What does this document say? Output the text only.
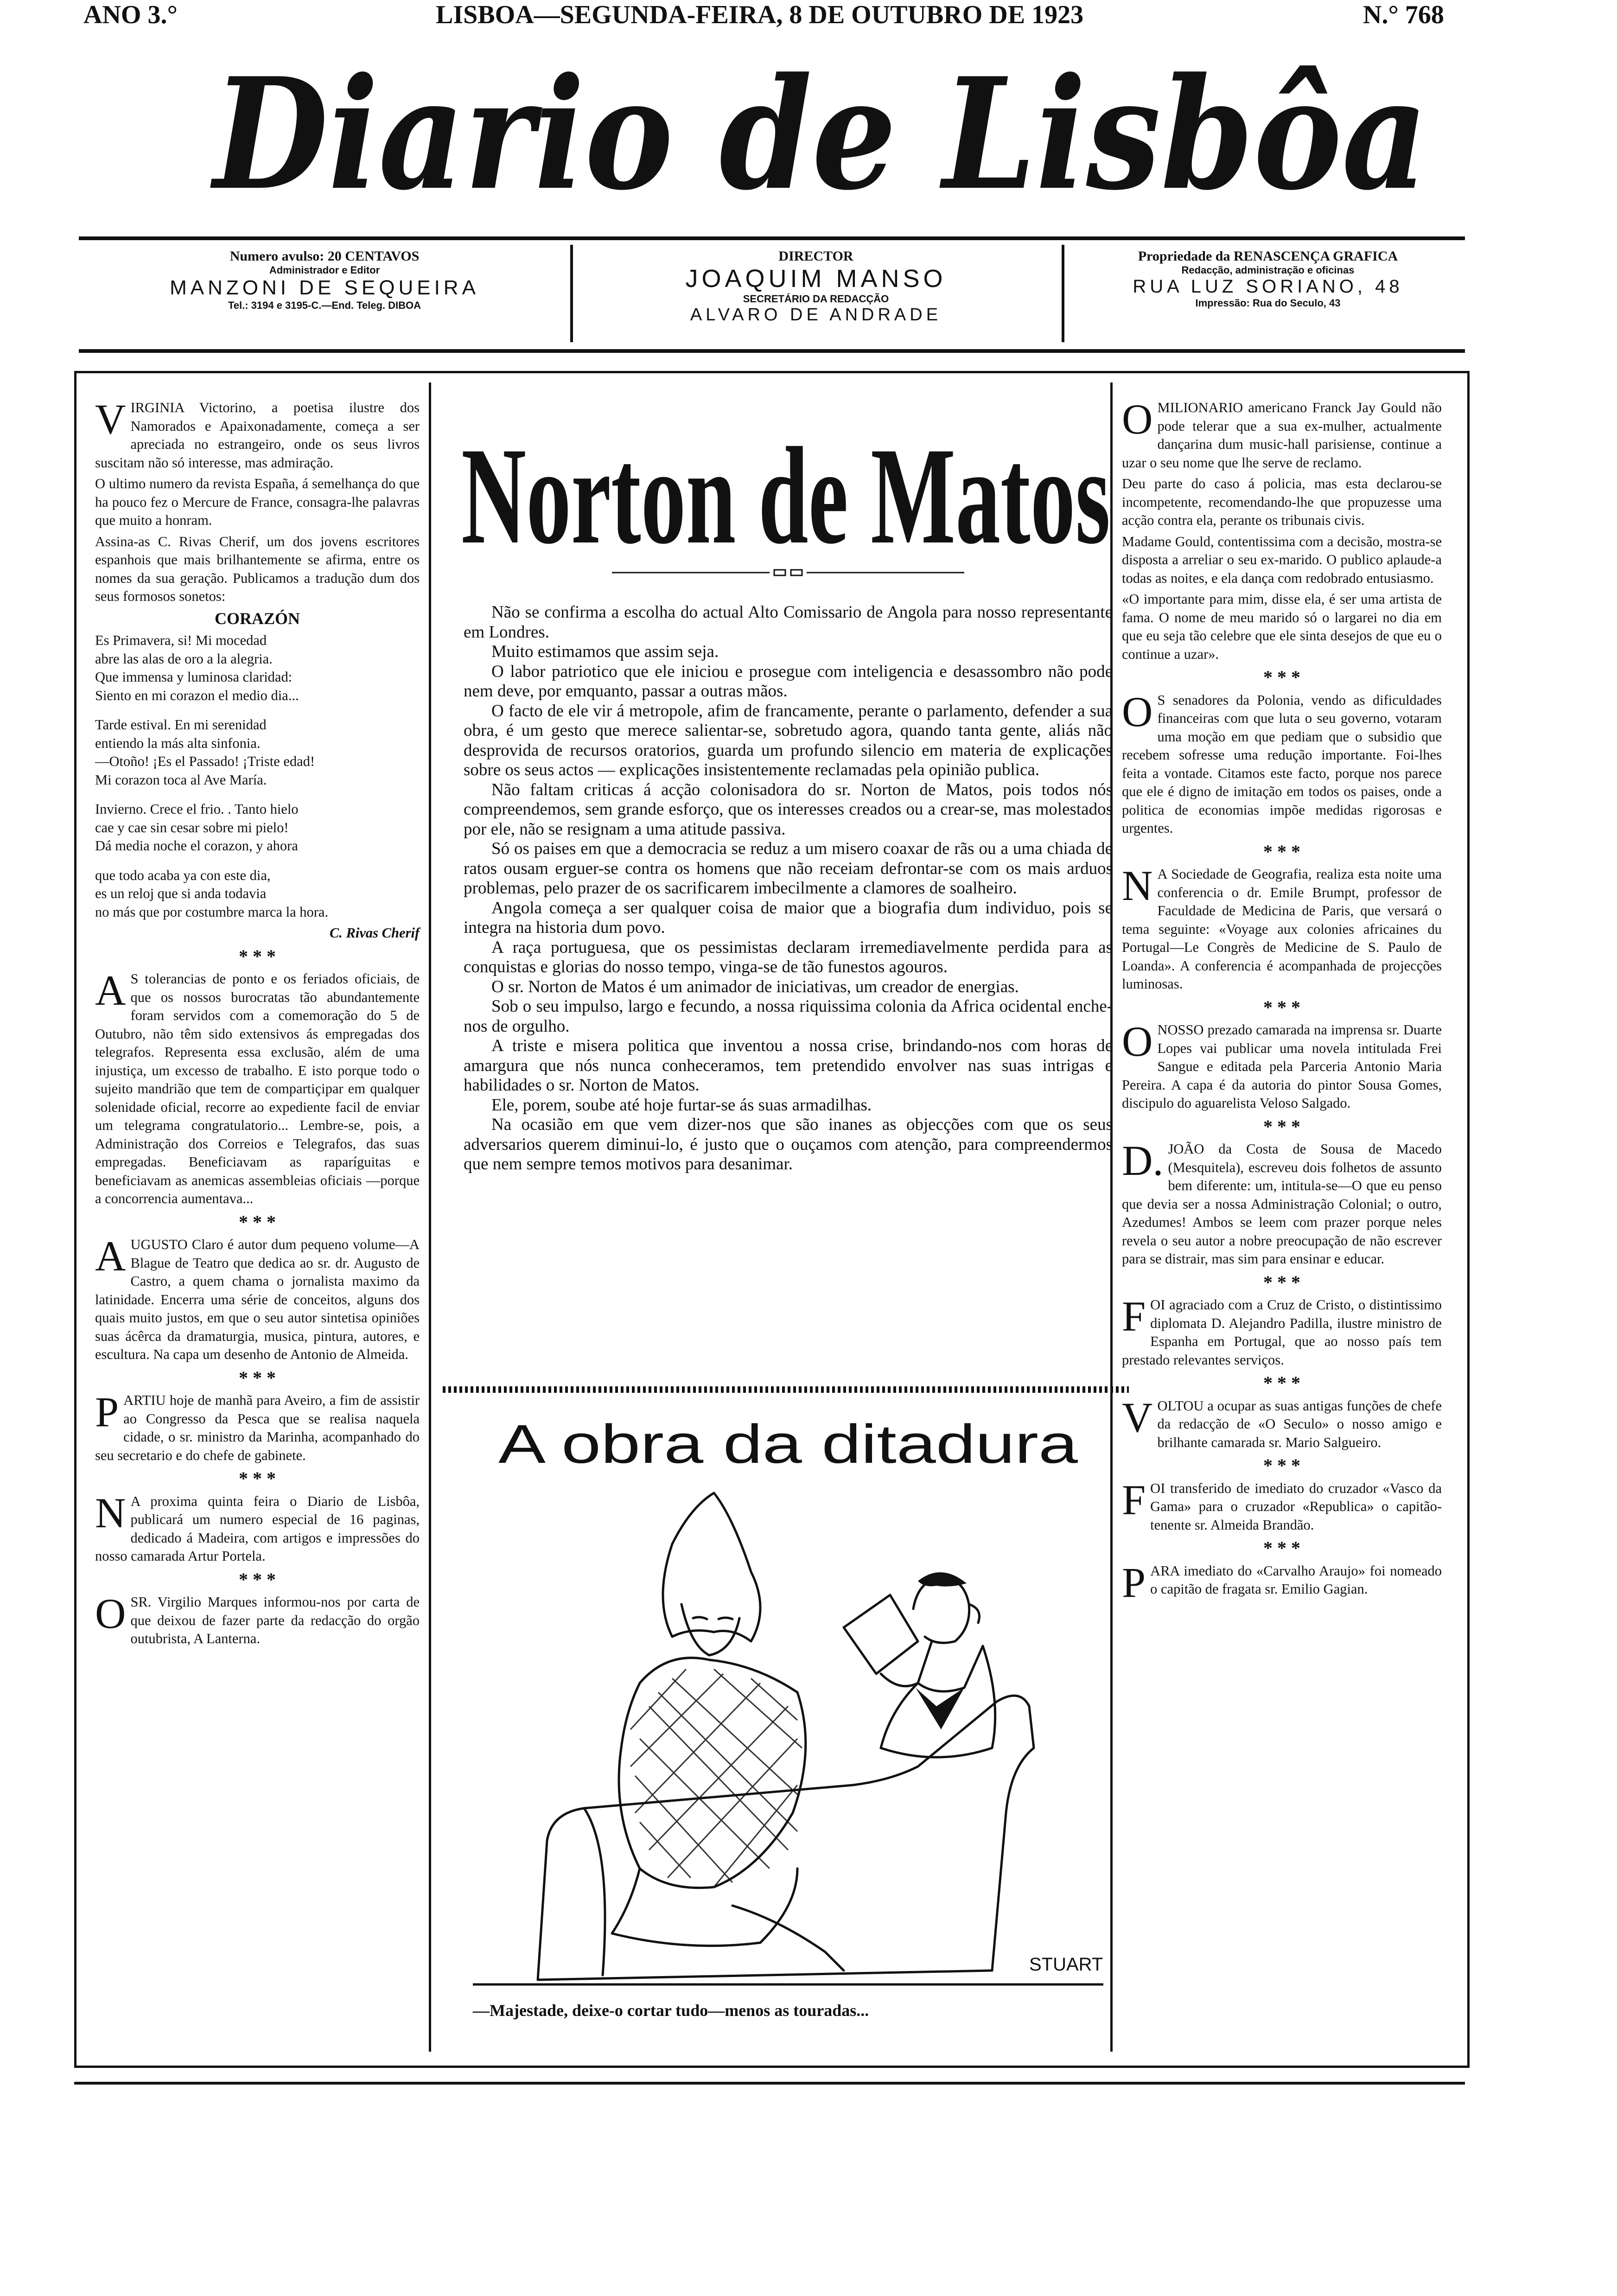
ANO 3.°	LISBOA—SEGUNDA-FEIRA, 8 DE OUTUBRO DE 1923	N.° 768
Diario de Lisbôa
Numero avulso: 20 CENTAVOS
Administrador e Editor
MANZONI DE SEQUEIRA
Tel.: 3194 e 3195-C.—End. Teleg. DIBOA
DIRECTOR
JOAQUIM MANSO
SECRETÁRIO DA REDACÇÃO
ALVARO DE ANDRADE
Propriedade da RENASCENÇA GRAFICA
Redacção, administração e oficinas
RUA LUZ SORIANO, 48
Impressão: Rua do Seculo, 43

VIRGINIA Victorino, a poetisa ilustre dos Namorados e Apaixonadamente, começa a ser apreciada no estrangeiro, onde os seus livros suscitam não só interesse, mas admiração.

O ultimo numero da revista España, á semelhança do que ha pouco fez o Mercure de France, consagra-lhe palavras que muito a honram.

Assina-as C. Rivas Cherif, um dos jovens escritores espanhois que mais brilhantemente se afirma, entre os nomes da sua geração. Publicamos a tradução dum dos seus formosos sonetos:

CORAZÓN
Es Primavera, si! Mi mocedad
abre las alas de oro a la alegria.
Que immensa y luminosa claridad:
Siento en mi corazon el medio dia...
Tarde estival. En mi serenidad
entiendo la más alta sinfonia.
—Otoño! ¡Es el Passado! ¡Triste edad!
Mi corazon toca al Ave María.
Invierno. Crece el frio. . Tanto hielo
cae y cae sin cesar sobre mi pielo!
Dá media noche el corazon, y ahora
que todo acaba ya con este dia,
es un reloj que si anda todavia
no más que por costumbre marca la hora.
C. Rivas Cherif
* * *

A S tolerancias de ponto e os feriados oficiais, de que os nossos burocratas tão abundantemente foram servidos com a comemoração do 5 de Outubro, não têm sido extensivos ás empregadas dos telegrafos. Representa essa exclusão, além de uma injustiça, um excesso de trabalho. E isto porque todo o sujeito mandrião que tem de compartiçipar em qualquer solenidade oficial, recorre ao expediente facil de enviar um telegrama congratulatorio... Lembre-se, pois, a Administração dos Correios e Telegrafos, das suas empregadas. Beneficiavam as raparíguitas e beneficiavam as anemicas assembleias oficiais —porque a concorrencia aumentava...

* * *

AUGUSTO Claro é autor dum pequeno volume—A Blague de Teatro que dedica ao sr. dr. Augusto de Castro, a quem chama o jornalista maximo da latinidade. Encerra uma série de conceitos, alguns dos quais muito justos, em que o seu autor sintetisa opiniões suas ácêrca da dramaturgia, musica, pintura, autores, e escultura. Na capa um desenho de Antonio de Almeida.

* * *

PARTIU hoje de manhã para Aveiro, a fim de assistir ao Congresso da Pesca que se realisa naquela cidade, o sr. ministro da Marinha, acompanhado do seu secretario e do chefe de gabinete.

* * *

N A proxima quinta feira o Diario de Lisbôa, publicará um numero especial de 16 paginas, dedicado á Madeira, com artigos e impressões do nosso camarada Artur Portela.

* * *

OSR. Virgilio Marques informou-nos por carta de que deixou de fazer parte da redacção do orgão outubrista, A Lanterna.

Norton de Matos

Não se confirma a escolha do actual Alto Comissario de Angola para nosso representante em Londres.

Muito estimamos que assim seja.

O labor patriotico que ele iniciou e prosegue com inteligencia e desassombro não pode nem deve, por emquanto, passar a outras mãos.

O facto de ele vir á metropole, afim de francamente, perante o parlamento, defender a sua obra, é um gesto que merece salientar-se, sobretudo agora, quando tanta gente, aliás não desprovida de recursos oratorios, guarda um profundo silencio em materia de explicações sobre os seus actos — explicações insistentemente reclamadas pela opinião publica.

Não faltam criticas á acção colonisadora do sr. Norton de Matos, pois todos nós compreendemos, sem grande esforço, que os interesses creados ou a crear-se, mas molestados por ele, não se resignam a uma atitude passiva.

Só os paises em que a democracia se reduz a um misero coaxar de rãs ou a uma chiada de ratos ousam erguer-se contra os homens que não receiam defrontar-se com os mais arduos problemas, pelo prazer de os sacrificarem imbecilmente a clamores de soalheiro.

Angola começa a ser qualquer coisa de maior que a biografia dum individuo, pois se integra na historia dum povo.

A raça portuguesa, que os pessimistas declaram irremediavelmente perdida para as conquistas e glorias do nosso tempo, vinga-se de tão funestos agouros.

O sr. Norton de Matos é um animador de iniciativas, um creador de energias.

Sob o seu impulso, largo e fecundo, a nossa riquissima colonia da Africa ocidental enche-nos de orgulho.

A triste e misera politica que inventou a nossa crise, brindando-nos com horas de amargura que nós nunca conheceramos, tem pretendido envolver nas suas intrigas e habilidades o sr. Norton de Matos.

Ele, porem, soube até hoje furtar-se ás suas armadilhas.

Na ocasião em que vem dizer-nos que são inanes as objecções com que os seus adversarios querem diminui-lo, é justo que o ouçamos com atenção, para compreendermos que nem sempre temos motivos para desanimar.

A obra da ditadura
STUART
—Majestade, deixe-o cortar tudo—menos as touradas...

OMILIONARIO americano Franck Jay Gould não pode telerar que a sua ex-mulher, actualmente dançarina dum music-hall parisiense, continue a uzar o seu nome que lhe serve de reclamo.

Deu parte do caso á policia, mas esta declarou-se incompetente, recomendando-lhe que propuzesse uma acção contra ela, perante os tribunais civis.

Madame Gould, contentissima com a decisão, mostra-se disposta a arreliar o seu ex-marido. O publico aplaude-a todas as noites, e ela dança com redobrado entusiasmo.

«O importante para mim, disse ela, é ser uma artista de fama. O nome de meu marido só o largarei no dia em que eu seja tão celebre que ele sinta desejos de que eu o continue a uzar».

* * *

O S senadores da Polonia, vendo as dificuldades financeiras com que luta o seu governo, votaram uma moção em que pediam que o subsidio que recebem sofresse uma redução importante. Foi-lhes feita a vontade. Citamos este facto, porque nos parece que ele é digno de imitação em todos os paises, onde a politica de economias impõe medidas rigorosas e urgentes.

* * *

N A Sociedade de Geografia, realiza esta noite uma conferencia o dr. Emile Brumpt, professor de Faculdade de Medicina de Paris, que versará o tema seguinte: «Voyage aux colonies africaines du Portugal—Le Congrès de Medicine de S. Paulo de Loanda». A conferencia é acompanhada de projecções luminosas.

* * *

ONOSSO prezado camarada na imprensa sr. Duarte Lopes vai publicar uma novela intitulada Frei Sangue e editada pela Parceria Antonio Maria Pereira. A capa é da autoria do pintor Sousa Gomes, discipulo do aguarelista Veloso Salgado.

* * *

D. JOÃO da Costa de Sousa de Macedo (Mesquitela), escreveu dois folhetos de assunto bem diferente: um, intitula-se—O que eu penso que devia ser a nossa Administração Colonial; o outro, Azedumes! Ambos se leem com prazer porque neles revela o seu autor a nobre preocupação de não escrever para se distrair, mas sim para ensinar e educar.

* * *

FOI agraciado com a Cruz de Cristo, o distintissimo diplomata D. Alejandro Padilla, ilustre ministro de Espanha em Portugal, que ao nosso país tem prestado relevantes serviços.

* * *

VOLTOU a ocupar as suas antigas funções de chefe da redacção de «O Seculo» o nosso amigo e brilhante camarada sr. Mario Salgueiro.

* * *

FOI transferido de imediato do cruzador «Vasco da Gama» para o cruzador «Republica» o capitão-tenente sr. Almeida Brandão.

* * *

PARA imediato do «Carvalho Araujo» foi nomeado o capitão de fragata sr. Emilio Gagian.
